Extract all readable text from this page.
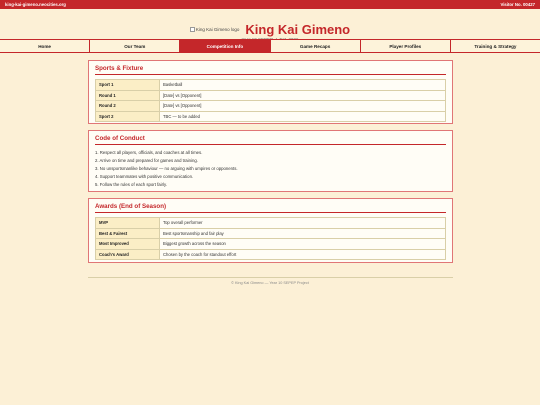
king-kai-gimeno.neocities.org	Visitor No. 00427
King Kai Gimeno logo King Kai Gimeno
Home	Our Team	Competition Info	Game Recaps	Player Profiles	Training & Strategy
Sports & Fixture
Sport 1	Basketball
Round 1	[Date] vs [Opponent]
Round 2	[Date] vs [Opponent]
Sport 2	TBC — to be added
Code of Conduct
1. Respect all players, officials, and coaches at all times.
2. Arrive on time and prepared for games and training.
3. No unsportsmanlike behaviour — no arguing with umpires or opponents.
4. Support teammates with positive communication.
5. Follow the rules of each sport fairly.
Awards (End of Season)
MVP	Top overall performer
Best & Fairest	Best sportsmanship and fair play
Most Improved	Biggest growth across the season
Coach's Award	Chosen by the coach for standout effort
© King Kai Gimeno — Year 10 SEPEP Project
